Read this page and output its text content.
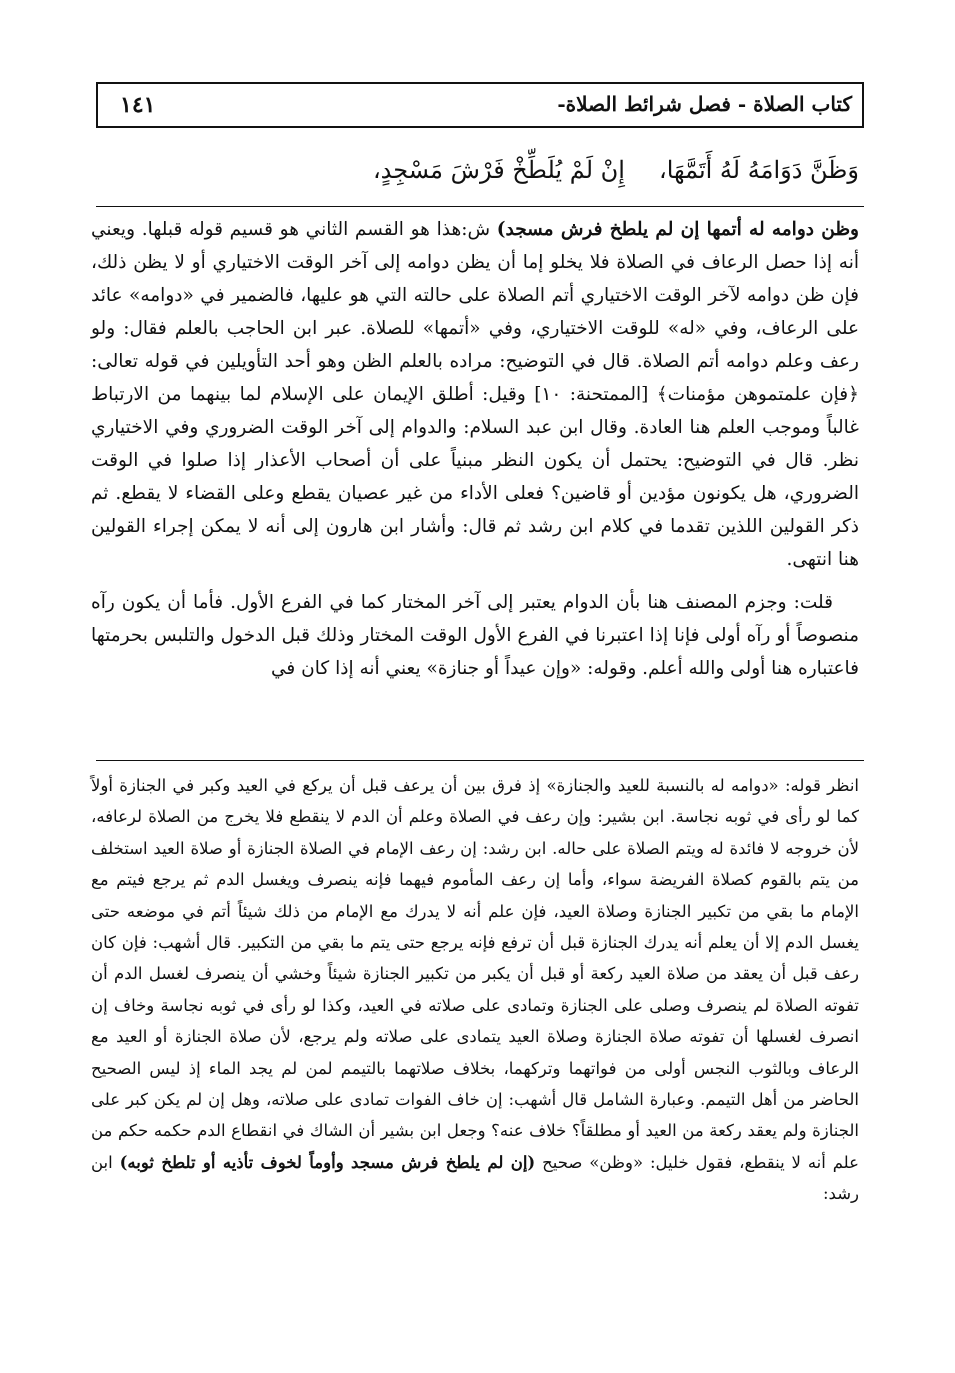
كتاب الصلاة - فصل شرائط الصلاة-
١٤١
وَظَنَّ دَوَامَهُ لَهُ أَتَمَّهَا،إِنْ لَمْ يُلَطِّخْ فَرْشَ مَسْجِدٍ،

وظن دوامه له أتمها إن لم يلطخ فرش مسجد) ش:هذا هو القسم الثاني هو قسيم قوله قبلها. ويعني أنه إذا حصل الرعاف في الصلاة فلا يخلو إما أن يظن دوامه إلى آخر الوقت الاختياري أو لا يظن ذلك، فإن ظن دوامه لآخر الوقت الاختياري أتم الصلاة على حالته التي هو عليها، فالضمير في «دوامه» عائد على الرعاف، وفي «له» للوقت الاختياري، وفي «أتمها» للصلاة. عبر ابن الحاجب بالعلم فقال: ولو رعف وعلم دوامه أتم الصلاة. قال في التوضيح: مراده بالعلم الظن وهو أحد التأويلين في قوله تعالى: ﴿فإن علمتموهن مؤمنات﴾ [الممتحنة: ١٠] وقيل: أطلق الإيمان على الإسلام لما بينهما من الارتباط غالباً وموجب العلم هنا العادة. وقال ابن عبد السلام: والدوام إلى آخر الوقت الضروري وفي الاختياري نظر. قال في التوضيح: يحتمل أن يكون النظر مبنياً على أن أصحاب الأعذار إذا صلوا في الوقت الضروري، هل يكونون مؤدين أو قاضين؟ فعلى الأداء من غير عصيان يقطع وعلى القضاء لا يقطع. ثم ذكر القولين اللذين تقدما في كلام ابن رشد ثم قال: وأشار ابن هارون إلى أنه لا يمكن إجراء القولين هنا انتهى.

قلت: وجزم المصنف هنا بأن الدوام يعتبر إلى آخر المختار كما في الفرع الأول. فأما أن يكون رآه منصوصاً أو رآه أولى فإنا إذا اعتبرنا في الفرع الأول الوقت المختار وذلك قبل الدخول والتلبس بحرمتها فاعتباره هنا أولى والله أعلم. وقوله: «وإن عيداً أو جنازة» يعني أنه إذا كان في

انظر قوله: «دوامه له بالنسبة للعيد والجنازة» إذ فرق بين أن يرعف قبل أن يركع في العيد وكبر في الجنازة أولاً كما لو رأى في ثوبه نجاسة. ابن بشير: وإن رعف في الصلاة وعلم أن الدم لا ينقطع فلا يخرج من الصلاة لرعافه، لأن خروجه لا فائدة له ويتم الصلاة على حاله. ابن رشد: إن رعف الإمام في الصلاة الجنازة أو صلاة العيد استخلف من يتم بالقوم كصلاة الفريضة سواء، وأما إن رعف المأموم فيهما فإنه ينصرف ويغسل الدم ثم يرجع فيتم مع الإمام ما بقي من تكبير الجنازة وصلاة العيد، فإن علم أنه لا يدرك مع الإمام من ذلك شيئاً أتم في موضعه حتى يغسل الدم إلا أن يعلم أنه يدرك الجنازة قبل أن ترفع فإنه يرجع حتى يتم ما بقي من التكبير. قال أشهب: فإن كان رعف قبل أن يعقد من صلاة العيد ركعة أو قبل أن يكبر من تكبير الجنازة شيئاً وخشي أن ينصرف لغسل الدم أن تفوته الصلاة لم ينصرف وصلى على الجنازة وتمادى على صلاته في العيد، وكذا لو رأى في ثوبه نجاسة وخاف إن انصرف لغسلها أن تفوته صلاة الجنازة وصلاة العيد يتمادى على صلاته ولم يرجع، لأن صلاة الجنازة أو العيد مع الرعاف وبالثوب النجس أولى من فواتهما وتركهما، بخلاف صلاتهما بالتيمم لمن لم يجد الماء إذ ليس الصحيح الحاضر من أهل التيمم. وعبارة الشامل قال أشهب: إن خاف الفوات تمادى على صلاته، وهل إن لم يكن كبر على الجنازة ولم يعقد ركعة من العيد أو مطلقاً؟ خلاف عنه؟ وجعل ابن بشير أن الشاك في انقطاع الدم حكمه حكم من علم أنه لا ينقطع، فقول خليل: «وظن» صحيح (إن لم يلطخ فرش مسجد وأوماً لخوف تأذيه أو تلطخ ثوبه) ابن رشد:
